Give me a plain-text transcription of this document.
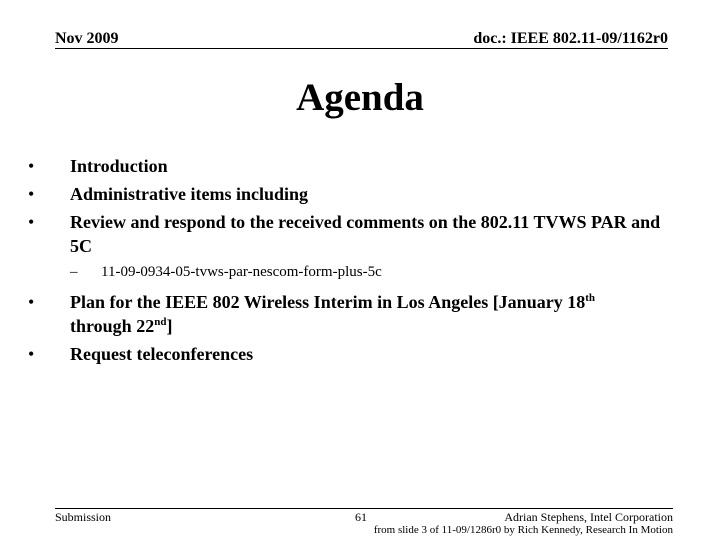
Nov 2009	doc.: IEEE 802.11-09/1162r0
Agenda
•	Introduction
•	Administrative items including
•	Review and respond to the received comments on the 802.11 TVWS PAR and 5C
–	11-09-0934-05-tvws-par-nescom-form-plus-5c
•	Plan for the IEEE 802 Wireless Interim in Los Angeles [January 18th
through 22nd]
•	Request teleconferences
Submission	61	Adrian Stephens, Intel Corporation
from slide 3 of 11-09/1286r0 by Rich Kennedy, Research In Motion
